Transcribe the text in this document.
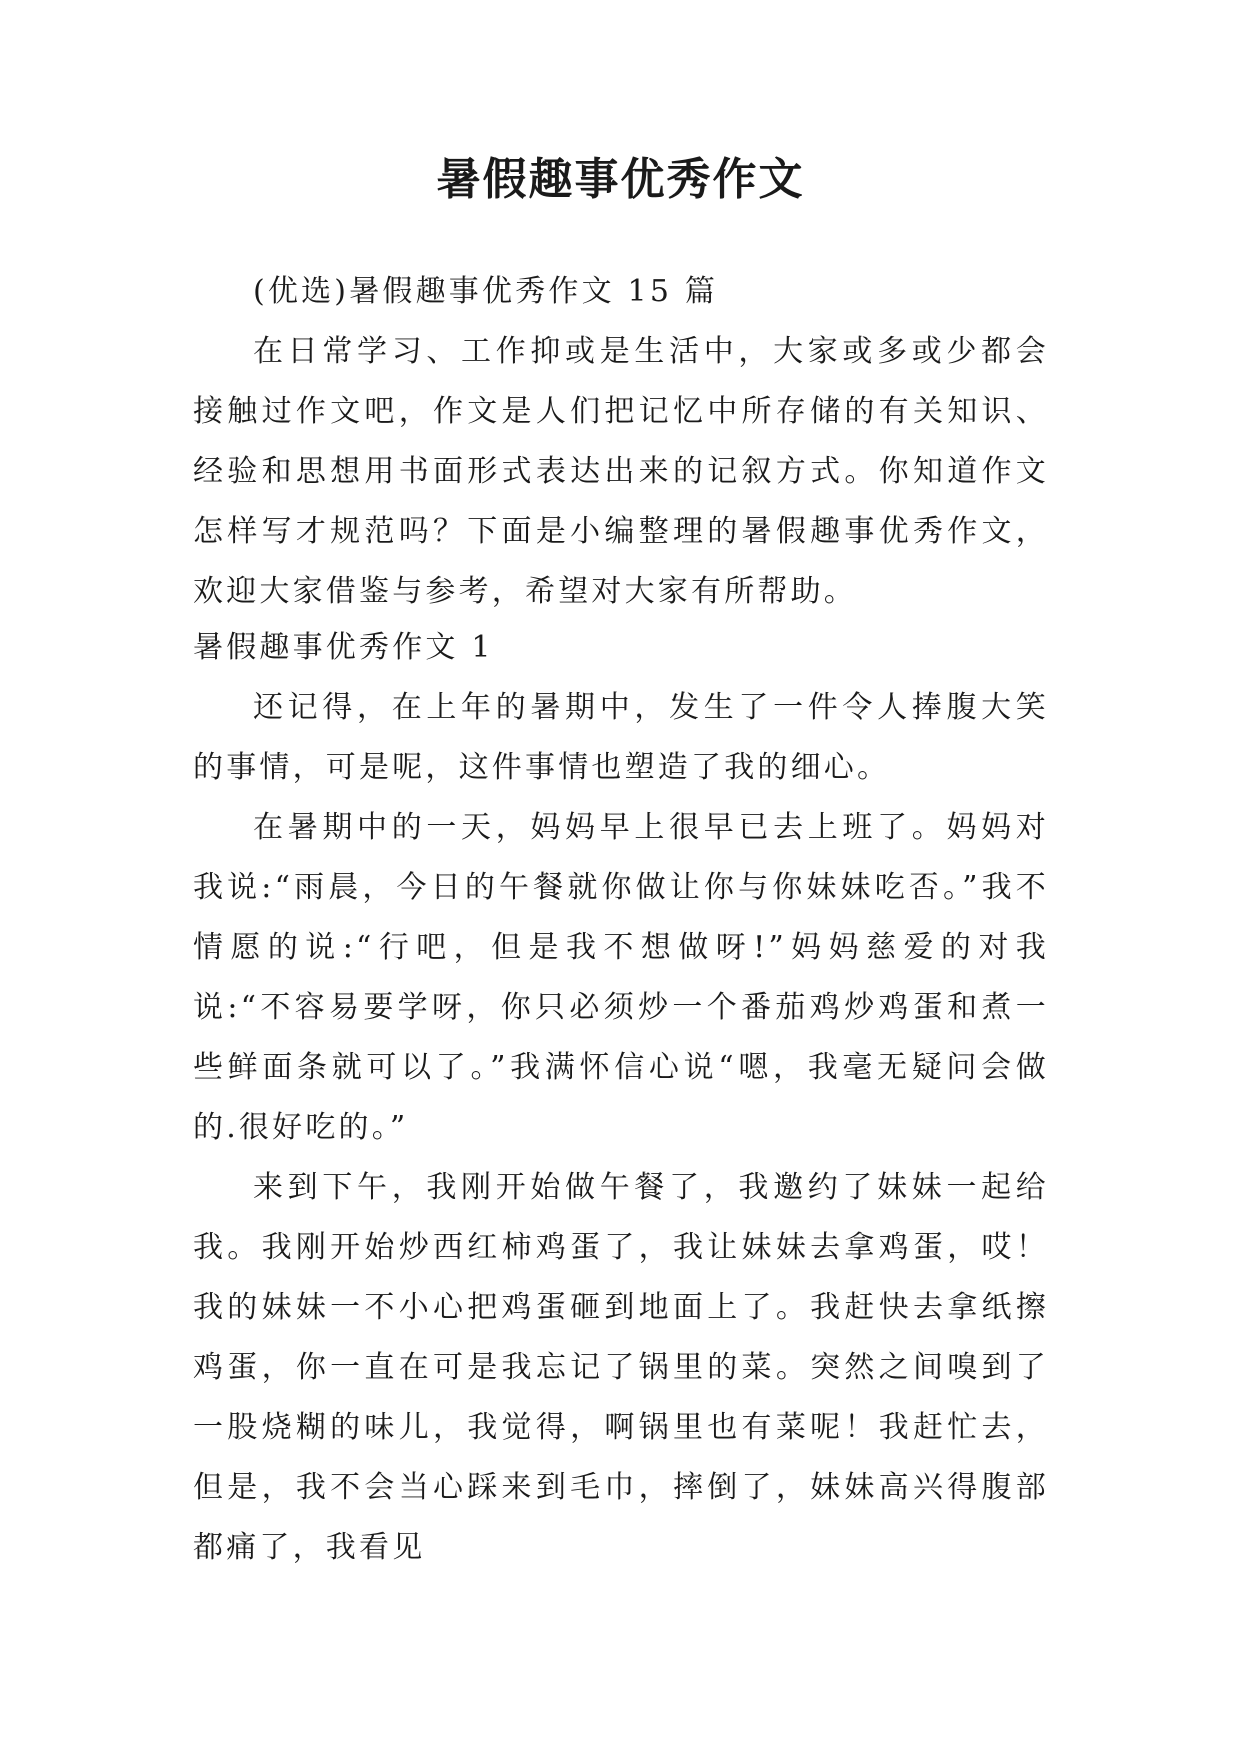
暑假趣事优秀作文

(优选)暑假趣事优秀作文 15 篇

在日常学习、工作抑或是生活中，大家或多或少都会接触过作文吧，作文是人们把记忆中所存储的有关知识、经验和思想用书面形式表达出来的记叙方式。你知道作文怎样写才规范吗？下面是小编整理的暑假趣事优秀作文，欢迎大家借鉴与参考，希望对大家有所帮助。

暑假趣事优秀作文 1

还记得，在上年的暑期中，发生了一件令人捧腹大笑的事情，可是呢，这件事情也塑造了我的细心。

在暑期中的一天，妈妈早上很早已去上班了。妈妈对我说:“雨晨，今日的午餐就你做让你与你妹妹吃否。”我不情愿的说:“行吧，但是我不想做呀!”妈妈慈爱的对我说:“不容易要学呀，你只必须炒一个番茄鸡炒鸡蛋和煮一些鲜面条就可以了。”我满怀信心说“嗯，我毫无疑问会做的.很好吃的。”

来到下午，我刚开始做午餐了，我邀约了妹妹一起给我。我刚开始炒西红柿鸡蛋了，我让妹妹去拿鸡蛋，哎！我的妹妹一不小心把鸡蛋砸到地面上了。我赶快去拿纸擦鸡蛋，你一直在可是我忘记了锅里的菜。突然之间嗅到了一股烧糊的味儿，我觉得，啊锅里也有菜呢！我赶忙去，但是，我不会当心踩来到毛巾，摔倒了，妹妹高兴得腹部都痛了，我看见
